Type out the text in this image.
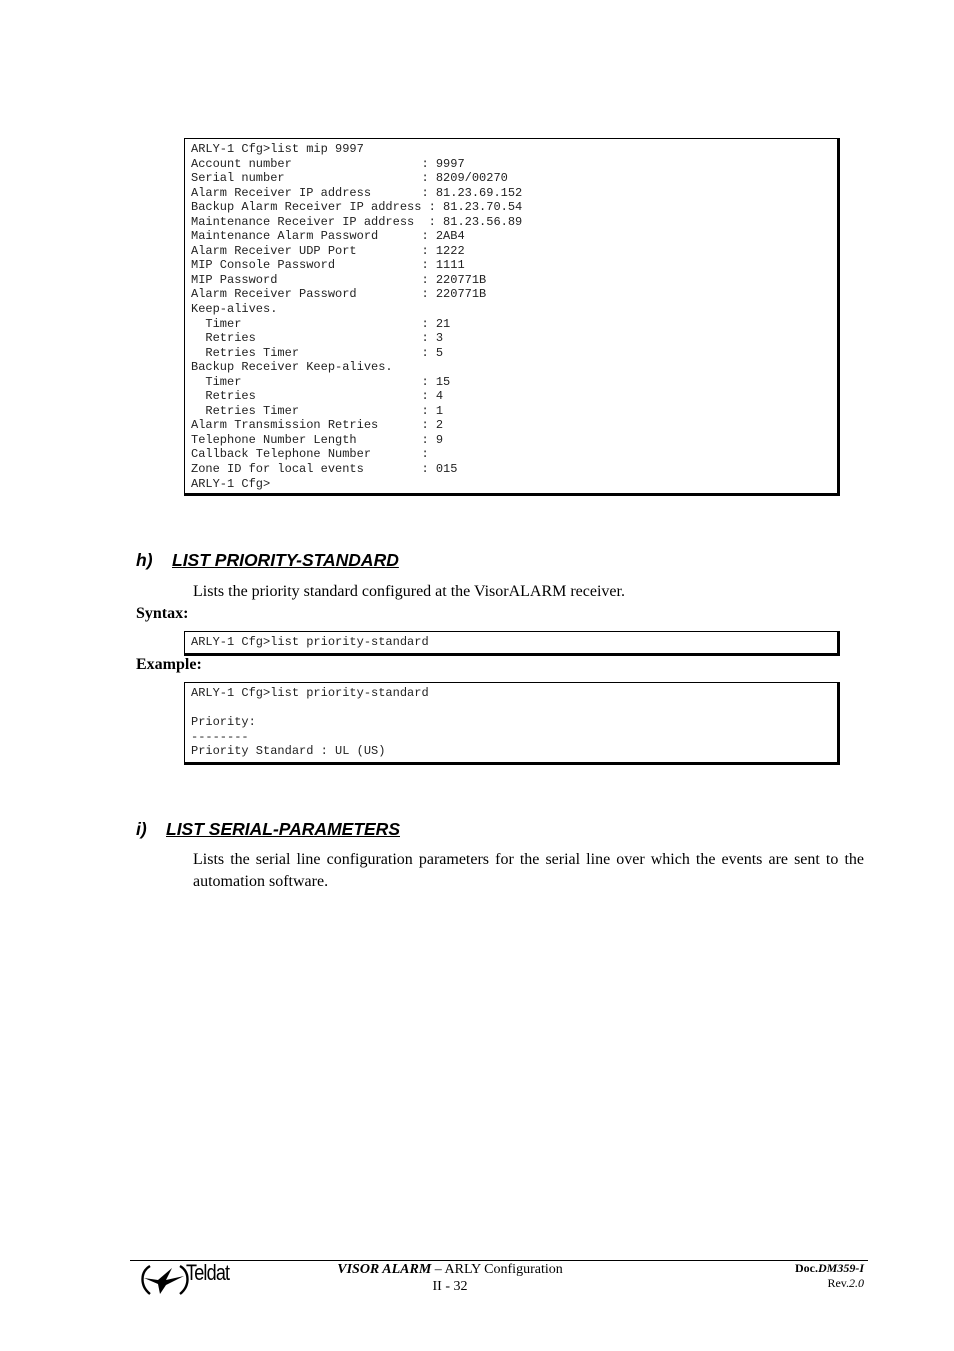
ARLY-1 Cfg>list mip 9997
Account number                  : 9997
Serial number                   : 8209/00270
Alarm Receiver IP address       : 81.23.69.152
Backup Alarm Receiver IP address : 81.23.70.54
Maintenance Receiver IP address  : 81.23.56.89
Maintenance Alarm Password      : 2AB4
Alarm Receiver UDP Port         : 1222
MIP Console Password            : 1111
MIP Password                    : 220771B
Alarm Receiver Password         : 220771B
Keep-alives.
Timer                         : 21
Retries                       : 3
Retries Timer                 : 5
Backup Receiver Keep-alives.
Timer                         : 15
Retries                       : 4
Retries Timer                 : 1
Alarm Transmission Retries      : 2
Telephone Number Length         : 9
Callback Telephone Number       :
Zone ID for local events        : 015
ARLY-1 Cfg>
h) LIST PRIORITY-STANDARD
Lists the priority standard configured at the VisorALARM receiver.
Syntax:
ARLY-1 Cfg>list priority-standard
Example:
ARLY-1 Cfg>list priority-standard

Priority:
--------
Priority Standard : UL (US)
i) LIST SERIAL-PARAMETERS
Lists the serial line configuration parameters for the serial line over which the events are sent to the automation software.
Teldat	VISOR ALARM – ARLY Configuration
II - 32
Doc.DM359-I
Rev.2.0
